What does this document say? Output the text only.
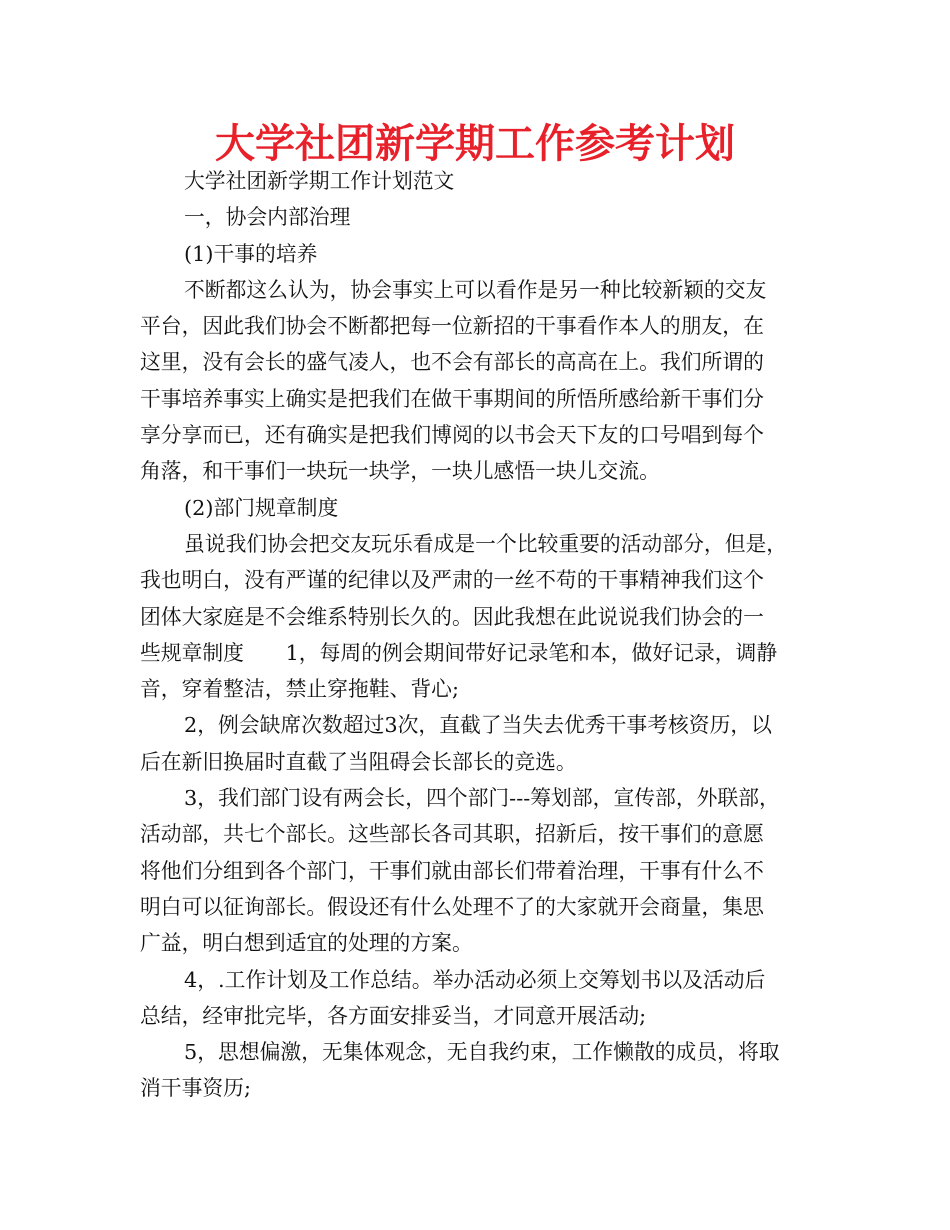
大学社团新学期工作参考计划

大学社团新学期工作计划范文

一，协会内部治理

(1)干事的培养

不断都这么认为，协会事实上可以看作是另一种比较新颖的交友

平台，因此我们协会不断都把每一位新招的干事看作本人的朋友，在

这里，没有会长的盛气凌人，也不会有部长的高高在上。我们所谓的

干事培养事实上确实是把我们在做干事期间的所悟所感给新干事们分

享分享而已，还有确实是把我们博阅的以书会天下友的口号唱到每个

角落，和干事们一块玩一块学，一块儿感悟一块儿交流。

(2)部门规章制度

虽说我们协会把交友玩乐看成是一个比较重要的活动部分，但是，

我也明白，没有严谨的纪律以及严肃的一丝不苟的干事精神我们这个

团体大家庭是不会维系特别长久的。因此我想在此说说我们协会的一

些规章制度　　1，每周的例会期间带好记录笔和本，做好记录，调静

音，穿着整洁，禁止穿拖鞋、背心;

2，例会缺席次数超过3次，直截了当失去优秀干事考核资历，以

后在新旧换届时直截了当阻碍会长部长的竞选。

3，我们部门设有两会长，四个部门---筹划部，宣传部，外联部，

活动部，共七个部长。这些部长各司其职，招新后，按干事们的意愿

将他们分组到各个部门，干事们就由部长们带着治理，干事有什么不

明白可以征询部长。假设还有什么处理不了的大家就开会商量，集思

广益，明白想到适宜的处理的方案。

4，.工作计划及工作总结。举办活动必须上交筹划书以及活动后

总结，经审批完毕，各方面安排妥当，才同意开展活动;

5，思想偏激，无集体观念，无自我约束，工作懒散的成员，将取

消干事资历;
